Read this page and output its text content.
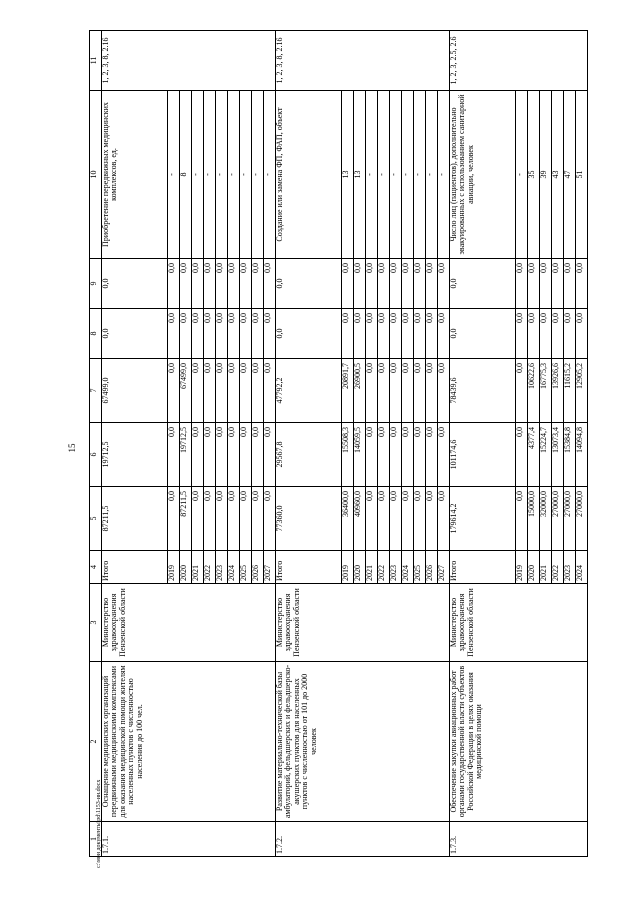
15
c:\мои документы\рd\1153-ин.docx
1	2	3	4	5	6	7	8	9	10	11
1.7.1.	Оснащение медицинских организаций передвижными медицинскими комплексами для оказания медицинской помощи жителям населенных пунктов с численностью населения до 100 чел.	Министерство здравоохранения Пензенской области	Итого	87211,5	19712,5	67499,0	0,0	0,0	Приобретение передвижных медицинских комплексов, ед.	1, 2, 3, 8, 2.16
			2019	0,0	0,0	0,0	0,0	0,0	-	
			2020	87211,5	19712,5	67499,0	0,0	0,0	8	
			2021	0,0	0,0	0,0	0,0	0,0	-	
			2022	0,0	0,0	0,0	0,0	0,0	-	
			2023	0,0	0,0	0,0	0,0	0,0	-	
			2024	0,0	0,0	0,0	0,0	0,0	-	
			2025	0,0	0,0	0,0	0,0	0,0	-	
			2026	0,0	0,0	0,0	0,0	0,0	-	
			2027	0,0	0,0	0,0	0,0	0,0	-	
1.7.2.	Развитие материально-технической базы амбулаторий, фельдшерских и фельдшерско-акушерских пунктов для населенных пунктов с численностью от 101 до 2000 человек	Министерство здравоохранения Пензенской области	Итого	77360,0	29567,8	47792,2	0,0	0,0	Создание или замена ФП, ФАП, объект	1, 2, 3, 8, 2.16
			2019	36400,0	15508,3	20891,7	0,0	0,0	13	
			2020	40960,0	14059,5	26900,5	0,0	0,0	13	
			2021	0,0	0,0	0,0	0,0	0,0	-	
			2022	0,0	0,0	0,0	0,0	0,0	-	
			2023	0,0	0,0	0,0	0,0	0,0	-	
			2024	0,0	0,0	0,0	0,0	0,0	-	
			2025	0,0	0,0	0,0	0,0	0,0	-	
			2026	0,0	0,0	0,0	0,0	0,0	-	
			2027	0,0	0,0	0,0	0,0	0,0	-	
1.7.3.	Обеспечение закупки авиационных работ органами государственной власти субъектов Российской Федерации в целях оказания медицинской помощи	Министерство здравоохранения Пензенской области	Итого	179614,2	101174,6	78439,6	0,0	0,0	Число лиц (пациентов), дополнительно эвакуированных с использованием санитарной авиации, человек	1, 2, 3, 2.5, 2.6
			2019	0,0	0,0	0,0	0,0	0,0	-	
			2020	15000,0	4377,4	10622,6	0,0	0,0	35	
			2021	32000,0	15224,7	16775,3	0,0	0,0	39	
			2022	27000,0	13073,4	13926,6	0,0	0,0	43	
			2023	27000,0	15384,8	11615,2	0,0	0,0	47	
			2024	27000,0	14094,8	12905,2	0,0	0,0	51	
